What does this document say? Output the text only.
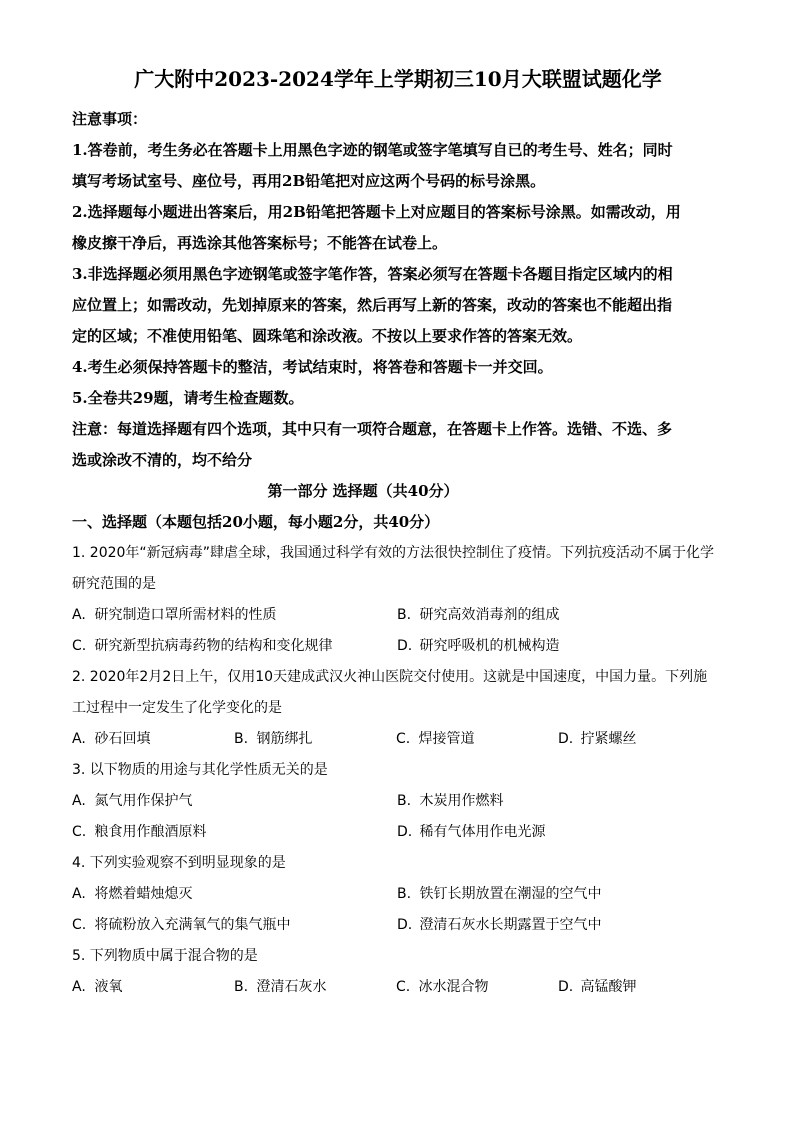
广大附中2023-2024学年上学期初三10月大联盟试题化学
注意事项：
1.答卷前，考生务必在答题卡上用黑色字迹的钢笔或签字笔填写自已的考生号、姓名；同时
填写考场试室号、座位号，再用2B铅笔把对应这两个号码的标号涂黑。
2.选择题每小题进出答案后，用2B铅笔把答题卡上对应题目的答案标号涂黑。如需改动，用
橡皮擦干净后，再选涂其他答案标号；不能答在试卷上。
3.非选择题必须用黑色字迹钢笔或签字笔作答，答案必须写在答题卡各题目指定区域内的相
应位置上；如需改动，先划掉原来的答案，然后再写上新的答案，改动的答案也不能超出指
定的区域；不准使用铅笔、圆珠笔和涂改液。不按以上要求作答的答案无效。
4.考生必须保持答题卡的整洁，考试结束时，将答卷和答题卡一并交回。
5.全卷共29题，请考生检查题数。
注意：每道选择题有四个选项，其中只有一项符合题意，在答题卡上作答。选错、不选、多
选或涂改不清的，均不给分
第一部分 选择题（共40分）
一、选择题（本题包括20小题，每小题2分，共40分）
1. 2020年“新冠病毒”肆虐全球，我国通过科学有效的方法很快控制住了疫情。下列抗疫活动不属于化学
研究范围的是
A. 研究制造口罩所需材料的性质	B. 研究高效消毒剂的组成
C. 研究新型抗病毒药物的结构和变化规律	D. 研究呼吸机的机械构造
2. 2020年2月2日上午，仅用10天建成武汉火神山医院交付使用。这就是中国速度，中国力量。下列施
工过程中一定发生了化学变化的是
A. 砂石回填	B. 钢筋绑扎	C. 焊接管道	D. 拧紧螺丝
3. 以下物质的用途与其化学性质无关的是
A. 氮气用作保护气	B. 木炭用作燃料
C. 粮食用作酿酒原料	D. 稀有气体用作电光源
4. 下列实验观察不到明显现象的是
A. 将燃着蜡烛熄灭	B. 铁钉长期放置在潮湿的空气中
C. 将硫粉放入充满氧气的集气瓶中	D. 澄清石灰水长期露置于空气中
5. 下列物质中属于混合物的是
A. 液氧	B. 澄清石灰水	C. 冰水混合物	D. 高锰酸钾
